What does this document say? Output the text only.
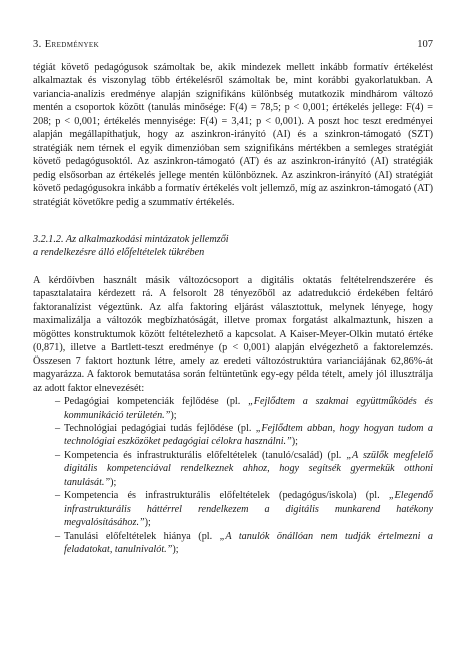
3. Eredmények	107

tégiát követő pedagógusok számoltak be, akik mindezek mellett inkább formatív értékelést alkalmaztak és viszonylag több értékelésről számoltak be, mint korábbi gyakorlatukban. A variancia-analízis eredménye alapján szignifikáns különbség mutatkozik mindhárom változó mentén a csoportok között (tanulás minősége: F(4) = 78,5; p < 0,001; értékelés jellege: F(4) = 208; p < 0,001; értékelés mennyisége: F(4) = 3,41; p < 0,001). A poszt hoc teszt eredményei alapján megállapíthatjuk, hogy az aszinkron-irányító (AI) és a szinkron-támogató (SZT) stratégiák nem térnek el egyik dimenzióban sem szignifikáns mértékben a semleges stratégiát követő pedagógusoktól. Az aszinkron-támogató (AT) és az aszinkron-irányító (AI) stratégiák pedig elsősorban az értékelés jellege mentén különböznek. Az aszinkron-irányító (AI) stratégiát követő pedagógusokra inkább a formatív értékelés volt jellemző, míg az aszinkron-támogató (AT) stratégiát követőkre pedig a szummatív értékelés.

3.2.1.2. Az alkalmazkodási mintázatok jellemzői
a rendelkezésre álló előfeltételek tükrében

A kérdőívben használt másik változócsoport a digitális oktatás feltételrendszerére és tapasztalataira kérdezett rá. A felsorolt 28 tényezőből az adatredukció érdekében feltáró faktoranalízist végeztünk. Az alfa faktoring eljárást választottuk, melynek lényege, hogy maximalizálja a változók megbízhatóságát, illetve promax forgatást alkalmaztunk, hiszen a mögöttes konstruktumok között feltételezhető a kapcsolat. A Kaiser-Meyer-Olkin mutató értéke (0,871), illetve a Bartlett-teszt eredménye (p < 0,001) alapján elvégezhető a faktorelemzés. Összesen 7 faktort hoztunk létre, amely az eredeti változóstruktúra varianciájának 62,86%-át magyarázza. A faktorok bemutatása során feltüntetünk egy-egy példa tételt, amely jól illusztrálja az adott faktor elnevezését:

– Pedagógiai kompetenciák fejlődése (pl. „Fejlődtem a szakmai együttműködés és kommunikáció területén.”);
– Technológiai pedagógiai tudás fejlődése (pl. „Fejlődtem abban, hogy hogyan tudom a technológiai eszközöket pedagógiai célokra használni.”);
– Kompetencia és infrastrukturális előfeltételek (tanuló/család) (pl. „A szülők megfelelő digitális kompetenciával rendelkeznek ahhoz, hogy segítsék gyermekük otthoni tanulását.”);
– Kompetencia és infrastrukturális előfeltételek (pedagógus/iskola) (pl. „Elegendő infrastrukturális háttérrel rendelkezem a digitális munkarend hatékony megvalósításához.”);
– Tanulási előfeltételek hiánya (pl. „A tanulók önállóan nem tudják értelmezni a feladatokat, tanulnivalót.”);
